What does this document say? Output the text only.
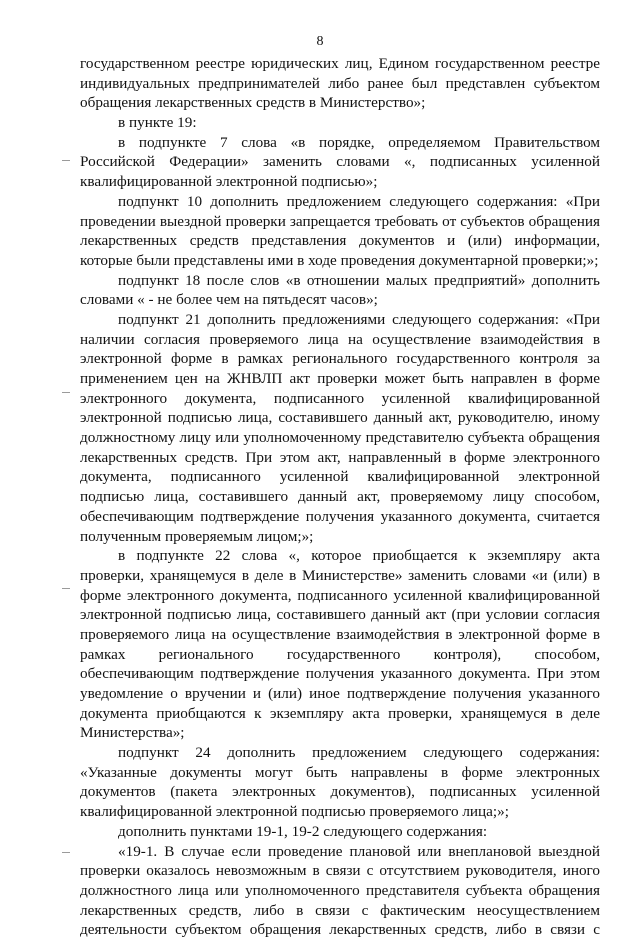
8
государственном реестре юридических лиц, Едином государственном реестре
индивидуальных предпринимателей либо ранее был представлен субъектом
обращения лекарственных средств в Министерство»;
в пункте 19:
в подпункте 7 слова «в порядке, определяемом Правительством
Российской Федерации» заменить словами «, подписанных усиленной
квалифицированной электронной подписью»;
подпункт 10 дополнить предложением следующего содержания: «При
проведении выездной проверки запрещается требовать от субъектов обращения
лекарственных средств представления документов и (или) информации,
которые были представлены ими в ходе проведения документарной проверки;»;
подпункт 18 после слов «в отношении малых предприятий» дополнить
словами « - не более чем на пятьдесят часов»;
подпункт 21 дополнить предложениями следующего содержания: «При
наличии согласия проверяемого лица на осуществление взаимодействия в
электронной форме в рамках регионального государственного контроля за
применением цен на ЖНВЛП акт проверки может быть направлен в форме
электронного документа, подписанного усиленной квалифицированной
электронной подписью лица, составившего данный акт, руководителю, иному
должностному лицу или уполномоченному представителю субъекта обращения
лекарственных средств. При этом акт, направленный в форме электронного
документа, подписанного усиленной квалифицированной электронной
подписью лица, составившего данный акт, проверяемому лицу способом,
обеспечивающим подтверждение получения указанного документа, считается
полученным проверяемым лицом;»;
в подпункте 22 слова «, которое приобщается к экземпляру акта
проверки, хранящемуся в деле в Министерстве» заменить словами «и (или) в
форме электронного документа, подписанного усиленной квалифицированной
электронной подписью лица, составившего данный акт (при условии согласия
проверяемого лица на осуществление взаимодействия в электронной форме в
рамках регионального государственного контроля), способом,
обеспечивающим подтверждение получения указанного документа. При этом
уведомление о вручении и (или) иное подтверждение получения указанного
документа приобщаются к экземпляру акта проверки, хранящемуся в деле
Министерства»;
подпункт 24 дополнить предложением следующего содержания:
«Указанные документы могут быть направлены в форме электронных
документов (пакета электронных документов), подписанных усиленной
квалифицированной электронной подписью проверяемого лица;»;
дополнить пунктами 19-1, 19-2 следующего содержания:
«19-1. В случае если проведение плановой или внеплановой выездной
проверки оказалось невозможным в связи с отсутствием руководителя, иного
должностного лица или уполномоченного представителя субъекта обращения
лекарственных средств, либо в связи с фактическим неосуществлением
деятельности субъектом обращения лекарственных средств, либо в связи с
